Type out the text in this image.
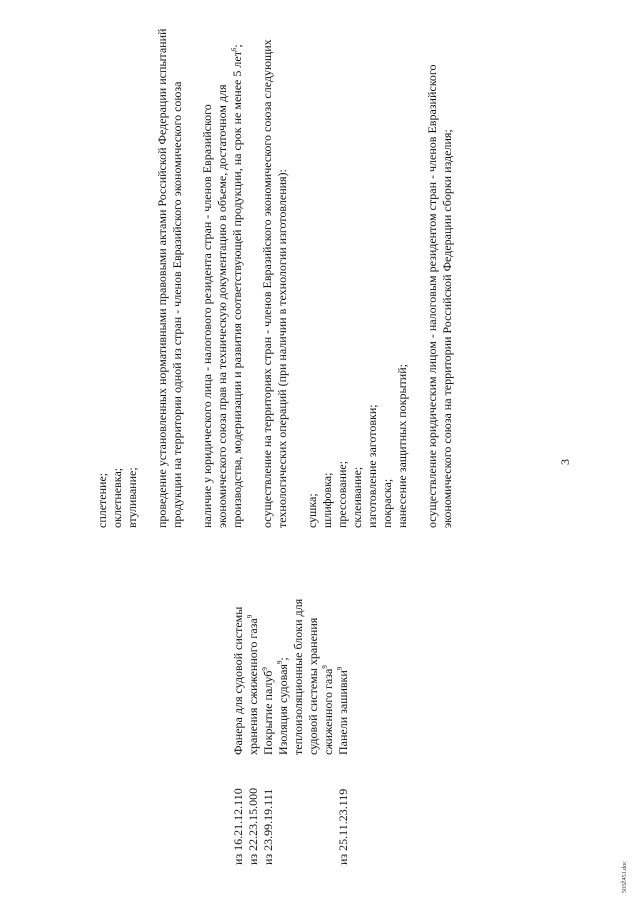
3
из 16.21.12.110 из 22.23.15.000 из 23.99.19.111	из 25.11.23.119
Фанера для судовой системы хранения сжиженного газа$^9$
Покрытие палуб$^9$ Изоляция судовая$^9$; теплоизоляционные блоки для судовой системы хранения сжиженного газа$^9$
Панели зашивки$^9$

сплетение; оклетневка; втуливание; проведение установленных нормативными правовыми актами Российской Федерации испытаний продукции на территории одной из стран - членов Евразийского экономического союза наличие у юридического лица - налогового резидента стран - членов Евразийского экономического союза прав на техническую документацию в объеме, достаточном для производства, модернизации и развития соответствующей продукции, на срок не менее 5 лет$^6$; осуществление на территориях стран - членов Евразийского экономического союза следующих технологических операций (при наличии в технологии изготовления): сушка; шлифовка; прессование; склеивание; изготовление заготовки; покраска; нанесение защитных покрытий; осуществление юридическим лицом - налоговым резидентом стран - членов Евразийского экономического союза на территории Российской Федерации сборки изделия;

503Ž451.doc
